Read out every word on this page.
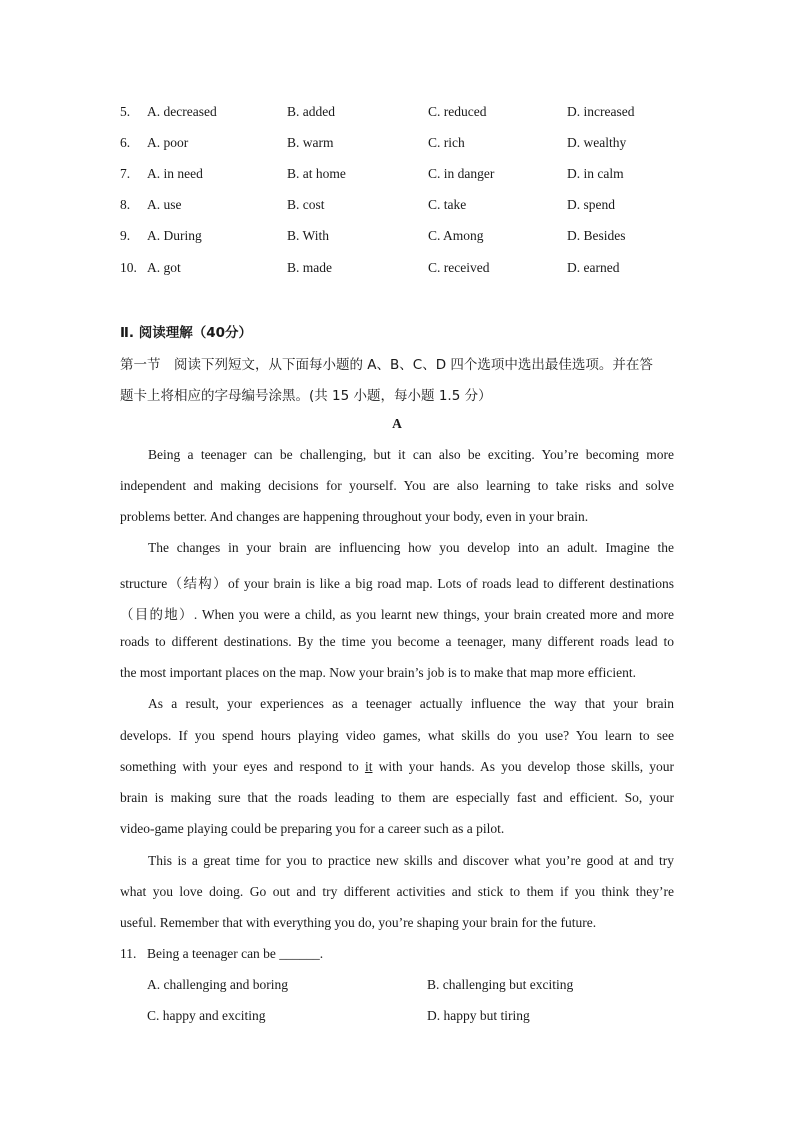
5. A. decreased	B. added	C. reduced	D. increased
6. A. poor	B. warm	C. rich	D. wealthy
7. A. in need	B. at home	C. in danger	D. in calm
8. A. use	B. cost	C. take	D. spend
9. A. During	B. With	C. Among	D. Besides
10. A. got	B. made	C. received	D. earned
Ⅱ. 阅读理解（40分）
第一节　阅读下列短文，从下面每小题的 A、B、C、D 四个选项中选出最佳选项。并在答
题卡上将相应的字母编号涂黑。(共 15 小题，每小题 1.5 分）
A
Being a teenager can be challenging, but it can also be exciting. You’re becoming more
independent and making decisions for yourself. You are also learning to take risks and solve
problems better. And changes are happening throughout your body, even in your brain.
The changes in your brain are influencing how you develop into an adult. Imagine the
structure（结构）of your brain is like a big road map. Lots of roads lead to different destinations
（目的地）. When you were a child, as you learnt new things, your brain created more and more
roads to different destinations. By the time you become a teenager, many different roads lead to
the most important places on the map. Now your brain’s job is to make that map more efficient.
As a result, your experiences as a teenager actually influence the way that your brain
develops. If you spend hours playing video games, what skills do you use? You learn to see
something with your eyes and respond to it with your hands. As you develop those skills, your
brain is making sure that the roads leading to them are especially fast and efficient. So, your
video-game playing could be preparing you for a career such as a pilot.
This is a great time for you to practice new skills and discover what you’re good at and try
what you love doing. Go out and try different activities and stick to them if you think they’re
useful. Remember that with everything you do, you’re shaping your brain for the future.
11. Being a teenager can be ______.
A. challenging and boring	B. challenging but exciting
C. happy and exciting	D. happy but tiring
